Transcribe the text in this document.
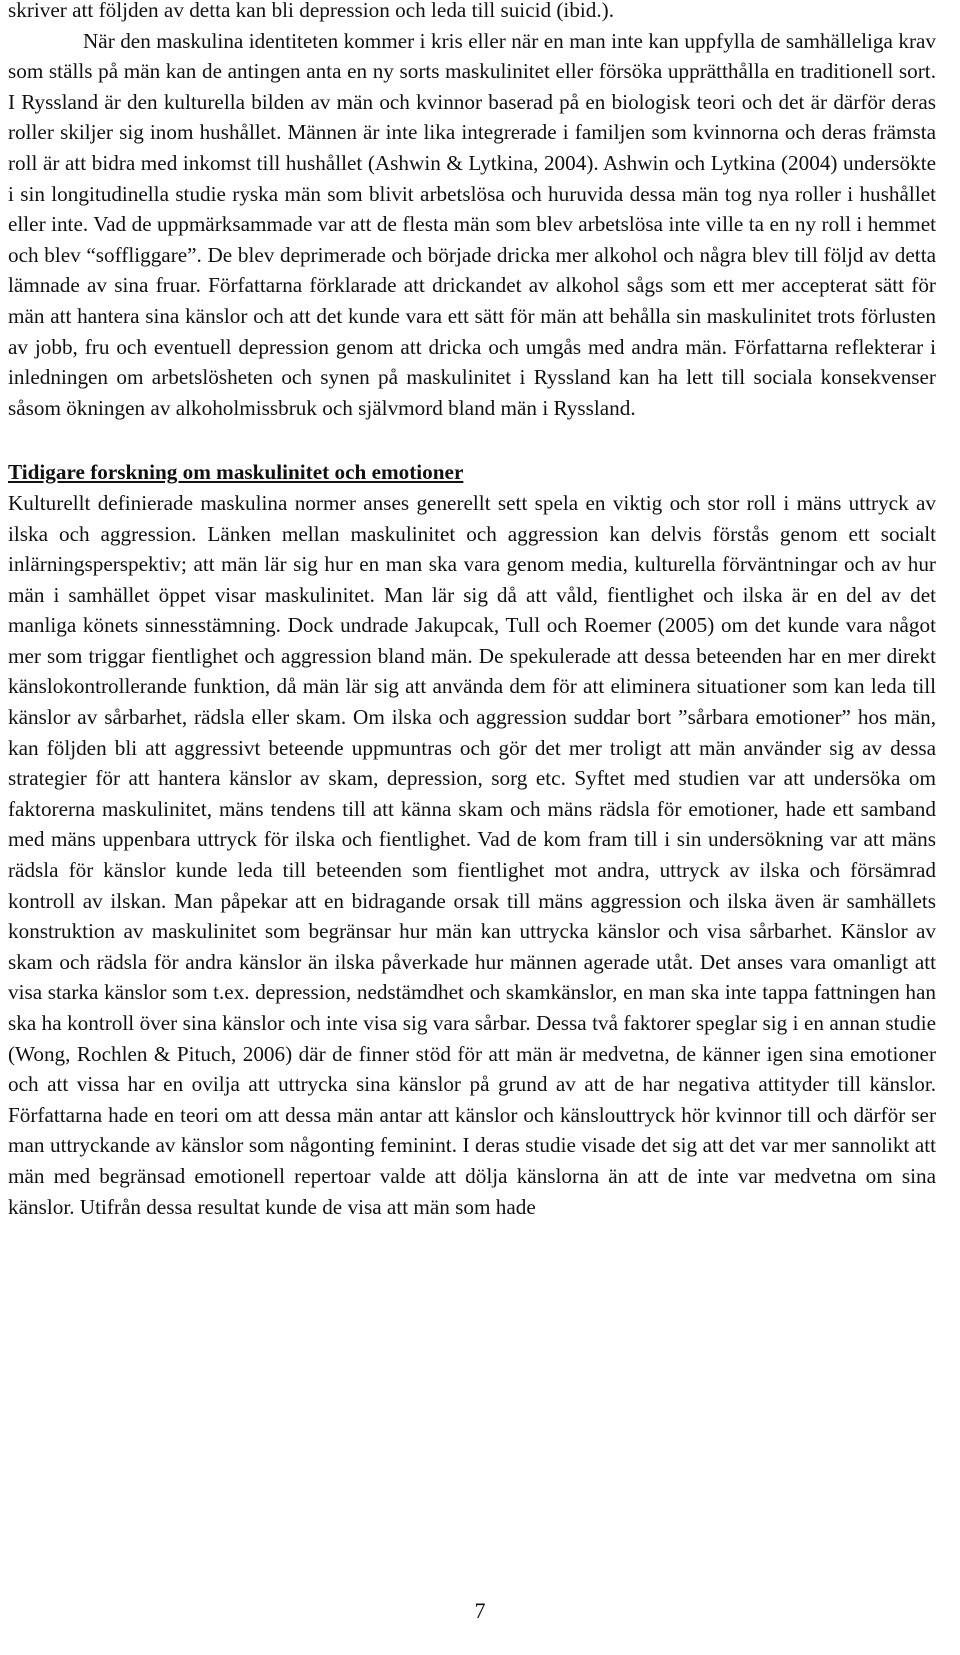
skriver att följden av detta kan bli depression och leda till suicid (ibid.).

När den maskulina identiteten kommer i kris eller när en man inte kan uppfylla de samhälleliga krav som ställs på män kan de antingen anta en ny sorts maskulinitet eller försöka upprätthålla en traditionell sort. I Ryssland är den kulturella bilden av män och kvinnor baserad på en biologisk teori och det är därför deras roller skiljer sig inom hushållet. Männen är inte lika integrerade i familjen som kvinnorna och deras främsta roll är att bidra med inkomst till hushållet (Ashwin & Lytkina, 2004). Ashwin och Lytkina (2004) undersökte i sin longitudinella studie ryska män som blivit arbetslösa och huruvida dessa män tog nya roller i hushållet eller inte. Vad de uppmärksammade var att de flesta män som blev arbetslösa inte ville ta en ny roll i hemmet och blev “soffliggare”. De blev deprimerade och började dricka mer alkohol och några blev till följd av detta lämnade av sina fruar. Författarna förklarade att drickandet av alkohol sågs som ett mer accepterat sätt för män att hantera sina känslor och att det kunde vara ett sätt för män att behålla sin maskulinitet trots förlusten av jobb, fru och eventuell depression genom att dricka och umgås med andra män. Författarna reflekterar i inledningen om arbetslösheten och synen på maskulinitet i Ryssland kan ha lett till sociala konsekvenser såsom ökningen av alkoholmissbruk och självmord bland män i Ryssland.

Tidigare forskning om maskulinitet och emotioner

Kulturellt definierade maskulina normer anses generellt sett spela en viktig och stor roll i mäns uttryck av ilska och aggression. Länken mellan maskulinitet och aggression kan delvis förstås genom ett socialt inlärningsperspektiv; att män lär sig hur en man ska vara genom media, kulturella förväntningar och av hur män i samhället öppet visar maskulinitet. Man lär sig då att våld, fientlighet och ilska är en del av det manliga könets sinnesstämning. Dock undrade Jakupcak, Tull och Roemer (2005) om det kunde vara något mer som triggar fientlighet och aggression bland män. De spekulerade att dessa beteenden har en mer direkt känslokontrollerande funktion, då män lär sig att använda dem för att eliminera situationer som kan leda till känslor av sårbarhet, rädsla eller skam. Om ilska och aggression suddar bort ”sårbara emotioner” hos män, kan följden bli att aggressivt beteende uppmuntras och gör det mer troligt att män använder sig av dessa strategier för att hantera känslor av skam, depression, sorg etc. Syftet med studien var att undersöka om faktorerna maskulinitet, mäns tendens till att känna skam och mäns rädsla för emotioner, hade ett samband med mäns uppenbara uttryck för ilska och fientlighet. Vad de kom fram till i sin undersökning var att mäns rädsla för känslor kunde leda till beteenden som fientlighet mot andra, uttryck av ilska och försämrad kontroll av ilskan. Man påpekar att en bidragande orsak till mäns aggression och ilska även är samhällets konstruktion av maskulinitet som begränsar hur män kan uttrycka känslor och visa sårbarhet. Känslor av skam och rädsla för andra känslor än ilska påverkade hur männen agerade utåt. Det anses vara omanligt att visa starka känslor som t.ex. depression, nedstämdhet och skamkänslor, en man ska inte tappa fattningen han ska ha kontroll över sina känslor och inte visa sig vara sårbar. Dessa två faktorer speglar sig i en annan studie (Wong, Rochlen & Pituch, 2006) där de finner stöd för att män är medvetna, de känner igen sina emotioner och att vissa har en ovilja att uttrycka sina känslor på grund av att de har negativa attityder till känslor. Författarna hade en teori om att dessa män antar att känslor och känslouttryck hör kvinnor till och därför ser man uttryckande av känslor som någonting feminint. I deras studie visade det sig att det var mer sannolikt att män med begränsad emotionell repertoar valde att dölja känslorna än att de inte var medvetna om sina känslor. Utifrån dessa resultat kunde de visa att män som hade

7
